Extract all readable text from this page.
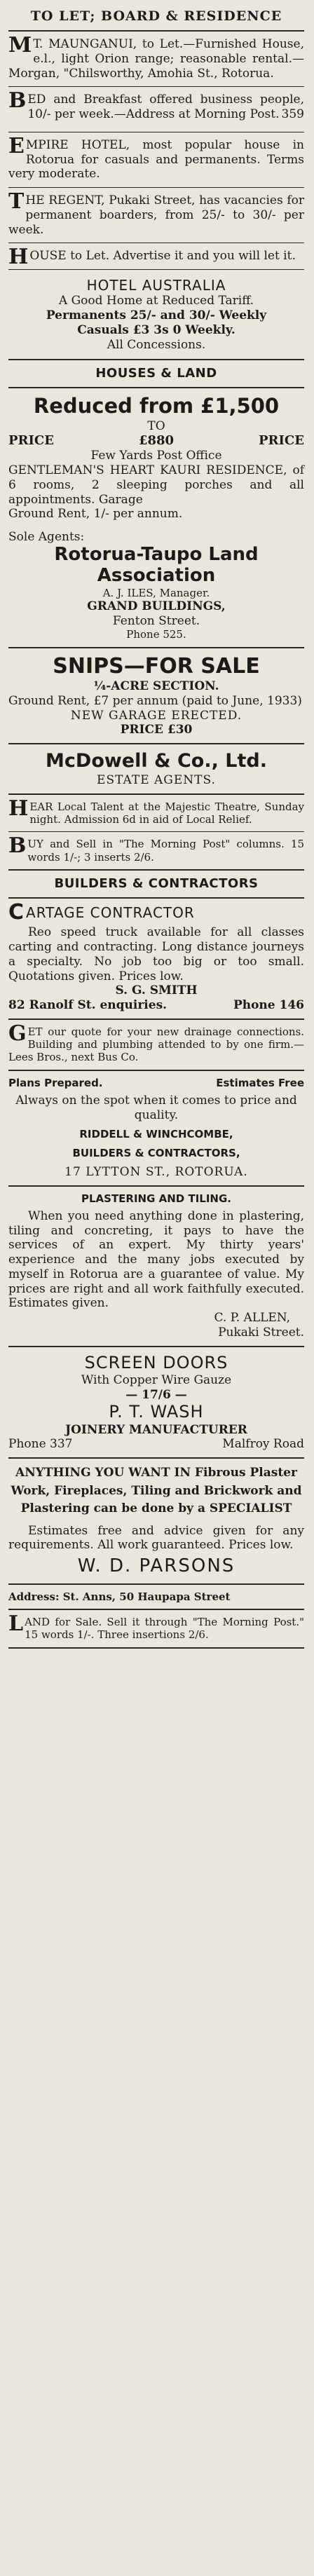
TO LET; BOARD & RESIDENCE
MT. MAUNGANUI, to Let.—Furnished House, e.l., light Orion range; reasonable rental.—Morgan, "Chilsworthy, Amohia St., Rotorua.
BED and Breakfast offered business people, 10/- per week.—Address at Morning Post. 359
EMPIRE HOTEL, most popular house in Rotorua for casuals and permanents. Terms very moderate.
THE REGENT, Pukaki Street, has vacancies for permanent boarders, from 25/- to 30/- per week.
HOUSE to Let. Advertise it and you will let it.
HOTEL AUSTRALIA
A Good Home at Reduced Tariff.
Permanents 25/- and 30/- Weekly
Casuals £3 3s 0 Weekly.
All Concessions.
HOUSES & LAND
Reduced from £1,500
TO
PRICE	£880	PRICE
Few Yards Post Office
GENTLEMAN'S HEART KAURI RESIDENCE, of 6 rooms, 2 sleeping porches and all appointments. Garage
Ground Rent, 1/- per annum.
Sole Agents:
Rotorua-Taupo Land Association
A. J. ILES, Manager.
GRAND BUILDINGS,
Fenton Street.
Phone 525.
SNIPS—FOR SALE
¼-ACRE SECTION.
Ground Rent, £7 per annum (paid to June, 1933)
NEW GARAGE ERECTED.
PRICE £30
McDowell & Co., Ltd.
ESTATE AGENTS.
HEAR Local Talent at the Majestic Theatre, Sunday night. Admission 6d in aid of Local Relief.
BUY and Sell in "The Morning Post" columns. 15 words 1/-; 3 inserts 2/6.
BUILDERS & CONTRACTORS
CARTAGE CONTRACTOR
Reo speed truck available for all classes carting and contracting. Long distance journeys a specialty. No job too big or too small. Quotations given. Prices low.
S. G. SMITH
82 Ranolf St. enquiries.	Phone 146
GET our quote for your new drainage connections. Building and plumbing attended to by one firm.—Lees Bros., next Bus Co.
Plans Prepared.	Estimates Free
Always on the spot when it comes to price and quality.
RIDDELL & WINCHCOMBE,
BUILDERS & CONTRACTORS,
17 LYTTON ST., ROTORUA.
PLASTERING AND TILING.
When you need anything done in plastering, tiling and concreting, it pays to have the services of an expert. My thirty years' experience and the many jobs executed by myself in Rotorua are a guarantee of value. My prices are right and all work faithfully executed. Estimates given.
C. P. ALLEN,
Pukaki Street.
SCREEN DOORS
With Copper Wire Gauze
— 17/6 —
P. T. WASH
JOINERY MANUFACTURER
Phone 337	Malfroy Road
ANYTHING YOU WANT IN Fibrous Plaster Work, Fireplaces, Tiling and Brickwork and Plastering can be done by a SPECIALIST
Estimates free and advice given for any requirements. All work guaranteed. Prices low.
W. D. PARSONS
Address: St. Anns, 50 Haupapa Street
LAND for Sale. Sell it through "The Morning Post." 15 words 1/-. Three insertions 2/6.
